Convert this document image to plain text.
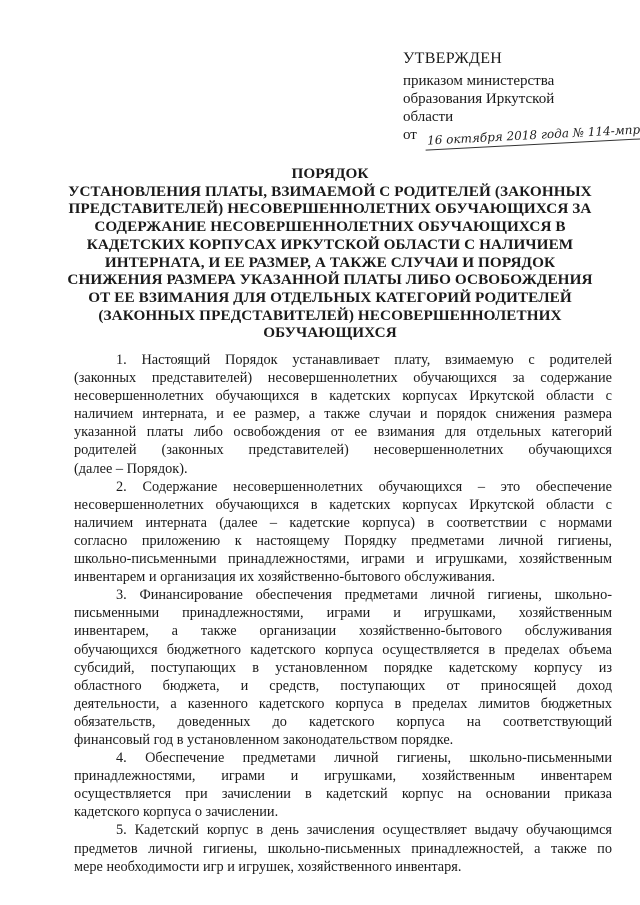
УТВЕРЖДЕН
приказом министерства
образования Иркутской
области
от 16 октября 2018 года № 114-мпр
ПОРЯДОК
УСТАНОВЛЕНИЯ ПЛАТЫ, ВЗИМАЕМОЙ С РОДИТЕЛЕЙ (ЗАКОННЫХ
ПРЕДСТАВИТЕЛЕЙ) НЕСОВЕРШЕННОЛЕТНИХ ОБУЧАЮЩИХСЯ ЗА
СОДЕРЖАНИЕ НЕСОВЕРШЕННОЛЕТНИХ ОБУЧАЮЩИХСЯ В
КАДЕТСКИХ КОРПУСАХ ИРКУТСКОЙ ОБЛАСТИ С НАЛИЧИЕМ
ИНТЕРНАТА, И ЕЕ РАЗМЕР, А ТАКЖЕ СЛУЧАИ И ПОРЯДОК
СНИЖЕНИЯ РАЗМЕРА УКАЗАННОЙ ПЛАТЫ ЛИБО ОСВОБОЖДЕНИЯ
ОТ ЕЕ ВЗИМАНИЯ ДЛЯ ОТДЕЛЬНЫХ КАТЕГОРИЙ РОДИТЕЛЕЙ
(ЗАКОННЫХ ПРЕДСТАВИТЕЛЕЙ) НЕСОВЕРШЕННОЛЕТНИХ
ОБУЧАЮЩИХСЯ
1. Настоящий Порядок устанавливает плату, взимаемую с родителей
(законных представителей) несовершеннолетних обучающихся за содержание
несовершеннолетних обучающихся в кадетских корпусах Иркутской области с
наличием интерната, и ее размер, а также случаи и порядок снижения размера
указанной платы либо освобождения от ее взимания для отдельных категорий
родителей (законных представителей) несовершеннолетних обучающихся
(далее – Порядок).
2. Содержание несовершеннолетних обучающихся – это обеспечение
несовершеннолетних обучающихся в кадетских корпусах Иркутской области с
наличием интерната (далее – кадетские корпуса) в соответствии с нормами
согласно приложению к настоящему Порядку предметами личной гигиены,
школьно-письменными принадлежностями, играми и игрушками, хозяйственным
инвентарем и организация их хозяйственно-бытового обслуживания.
3. Финансирование обеспечения предметами личной гигиены, школьно-
письменными принадлежностями, играми и игрушками, хозяйственным
инвентарем, а также организации хозяйственно-бытового обслуживания
обучающихся бюджетного кадетского корпуса осуществляется в пределах объема
субсидий, поступающих в установленном порядке кадетскому корпусу из
областного бюджета, и средств, поступающих от приносящей доход
деятельности, а казенного кадетского корпуса в пределах лимитов бюджетных
обязательств, доведенных до кадетского корпуса на соответствующий
финансовый год в установленном законодательством порядке.
4. Обеспечение предметами личной гигиены, школьно-письменными
принадлежностями, играми и игрушками, хозяйственным инвентарем
осуществляется при зачислении в кадетский корпус на основании приказа
кадетского корпуса о зачислении.
5. Кадетский корпус в день зачисления осуществляет выдачу обучающимся
предметов личной гигиены, школьно-письменных принадлежностей, а также по
мере необходимости игр и игрушек, хозяйственного инвентаря.
